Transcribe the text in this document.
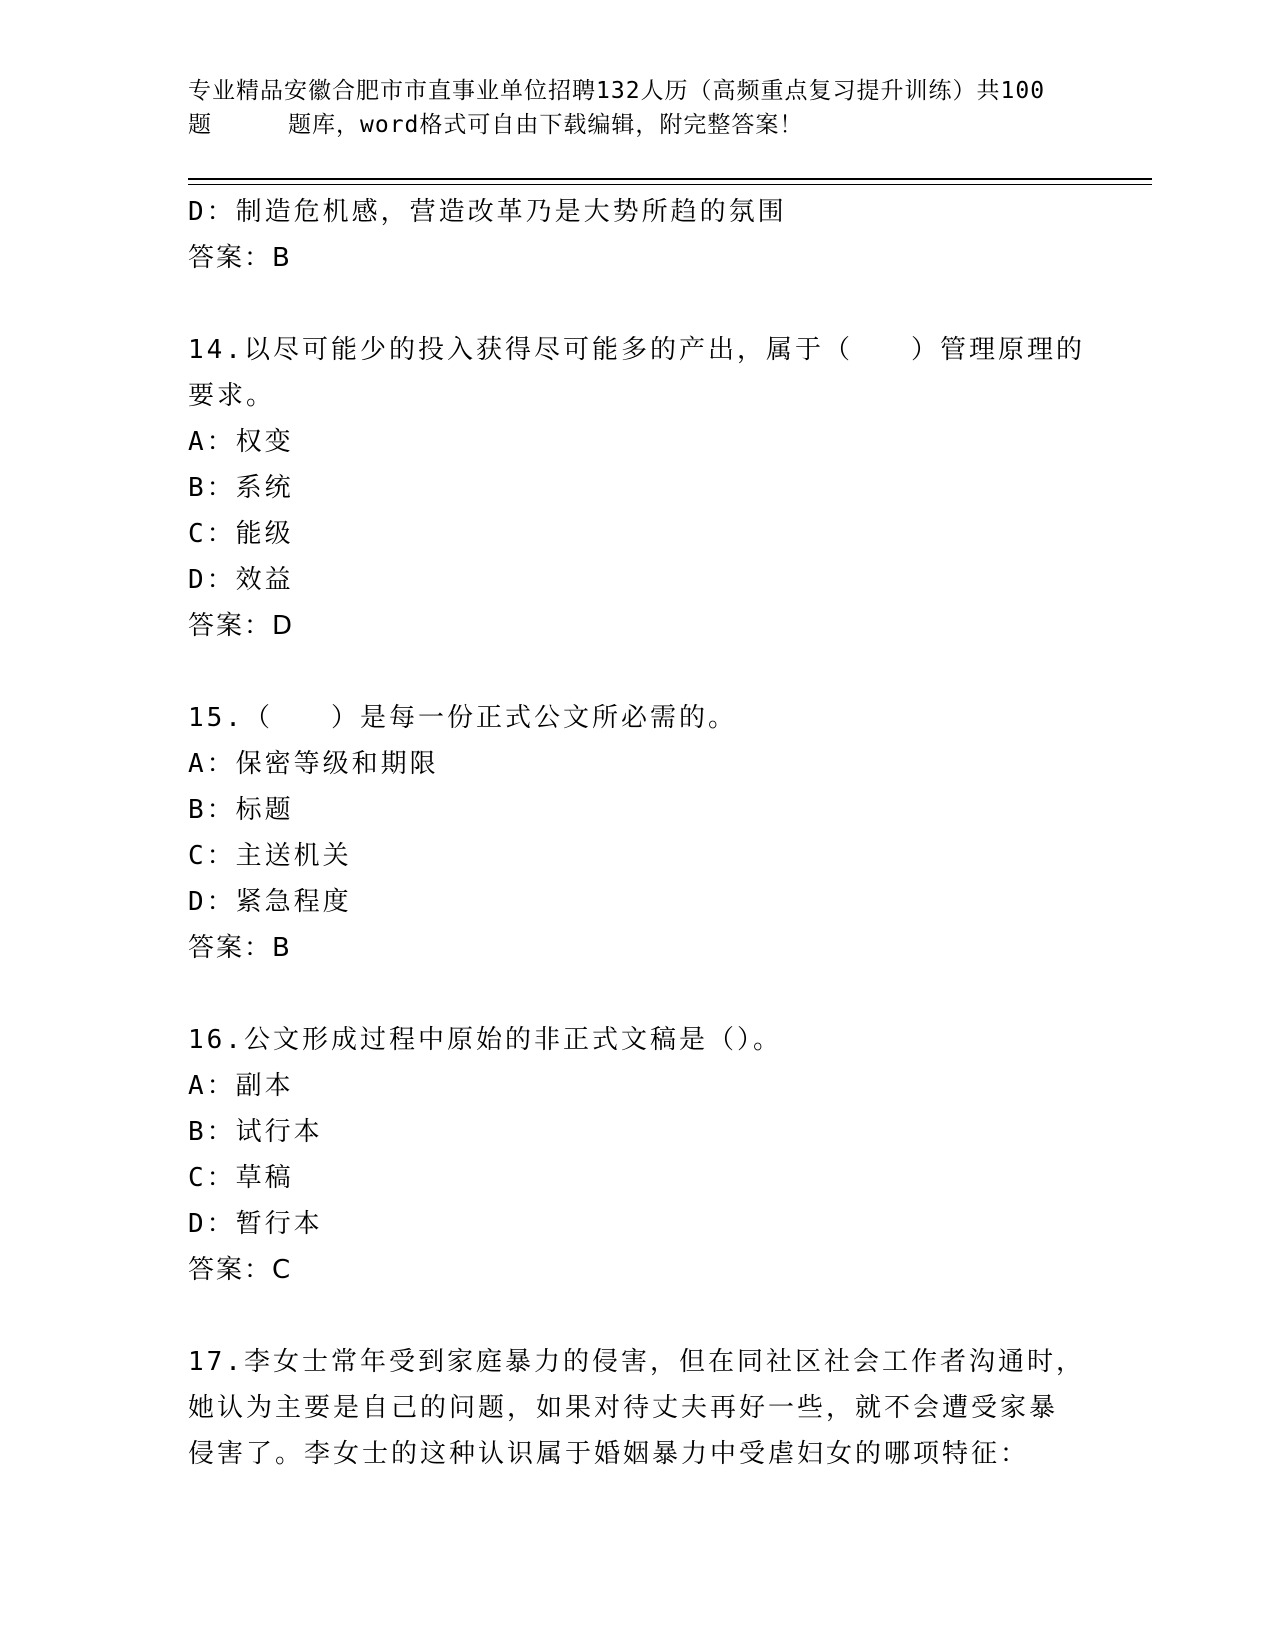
专业精品安徽合肥市市直事业单位招聘132人历（高频重点复习提升训练）共100
题	题库，word格式可自由下载编辑，附完整答案！
D：制造危机感，营造改革乃是大势所趋的氛围
答案：B
14.以尽可能少的投入获得尽可能多的产出，属于（　　）管理原理的
要求。
A：权变
B：系统
C：能级
D：效益
答案：D
15.（　　）是每一份正式公文所必需的。
A：保密等级和期限
B：标题
C：主送机关
D：紧急程度
答案：B
16.公文形成过程中原始的非正式文稿是（）。
A：副本
B：试行本
C：草稿
D：暂行本
答案：C
17.李女士常年受到家庭暴力的侵害，但在同社区社会工作者沟通时，
她认为主要是自己的问题，如果对待丈夫再好一些，就不会遭受家暴
侵害了。李女士的这种认识属于婚姻暴力中受虐妇女的哪项特征：
